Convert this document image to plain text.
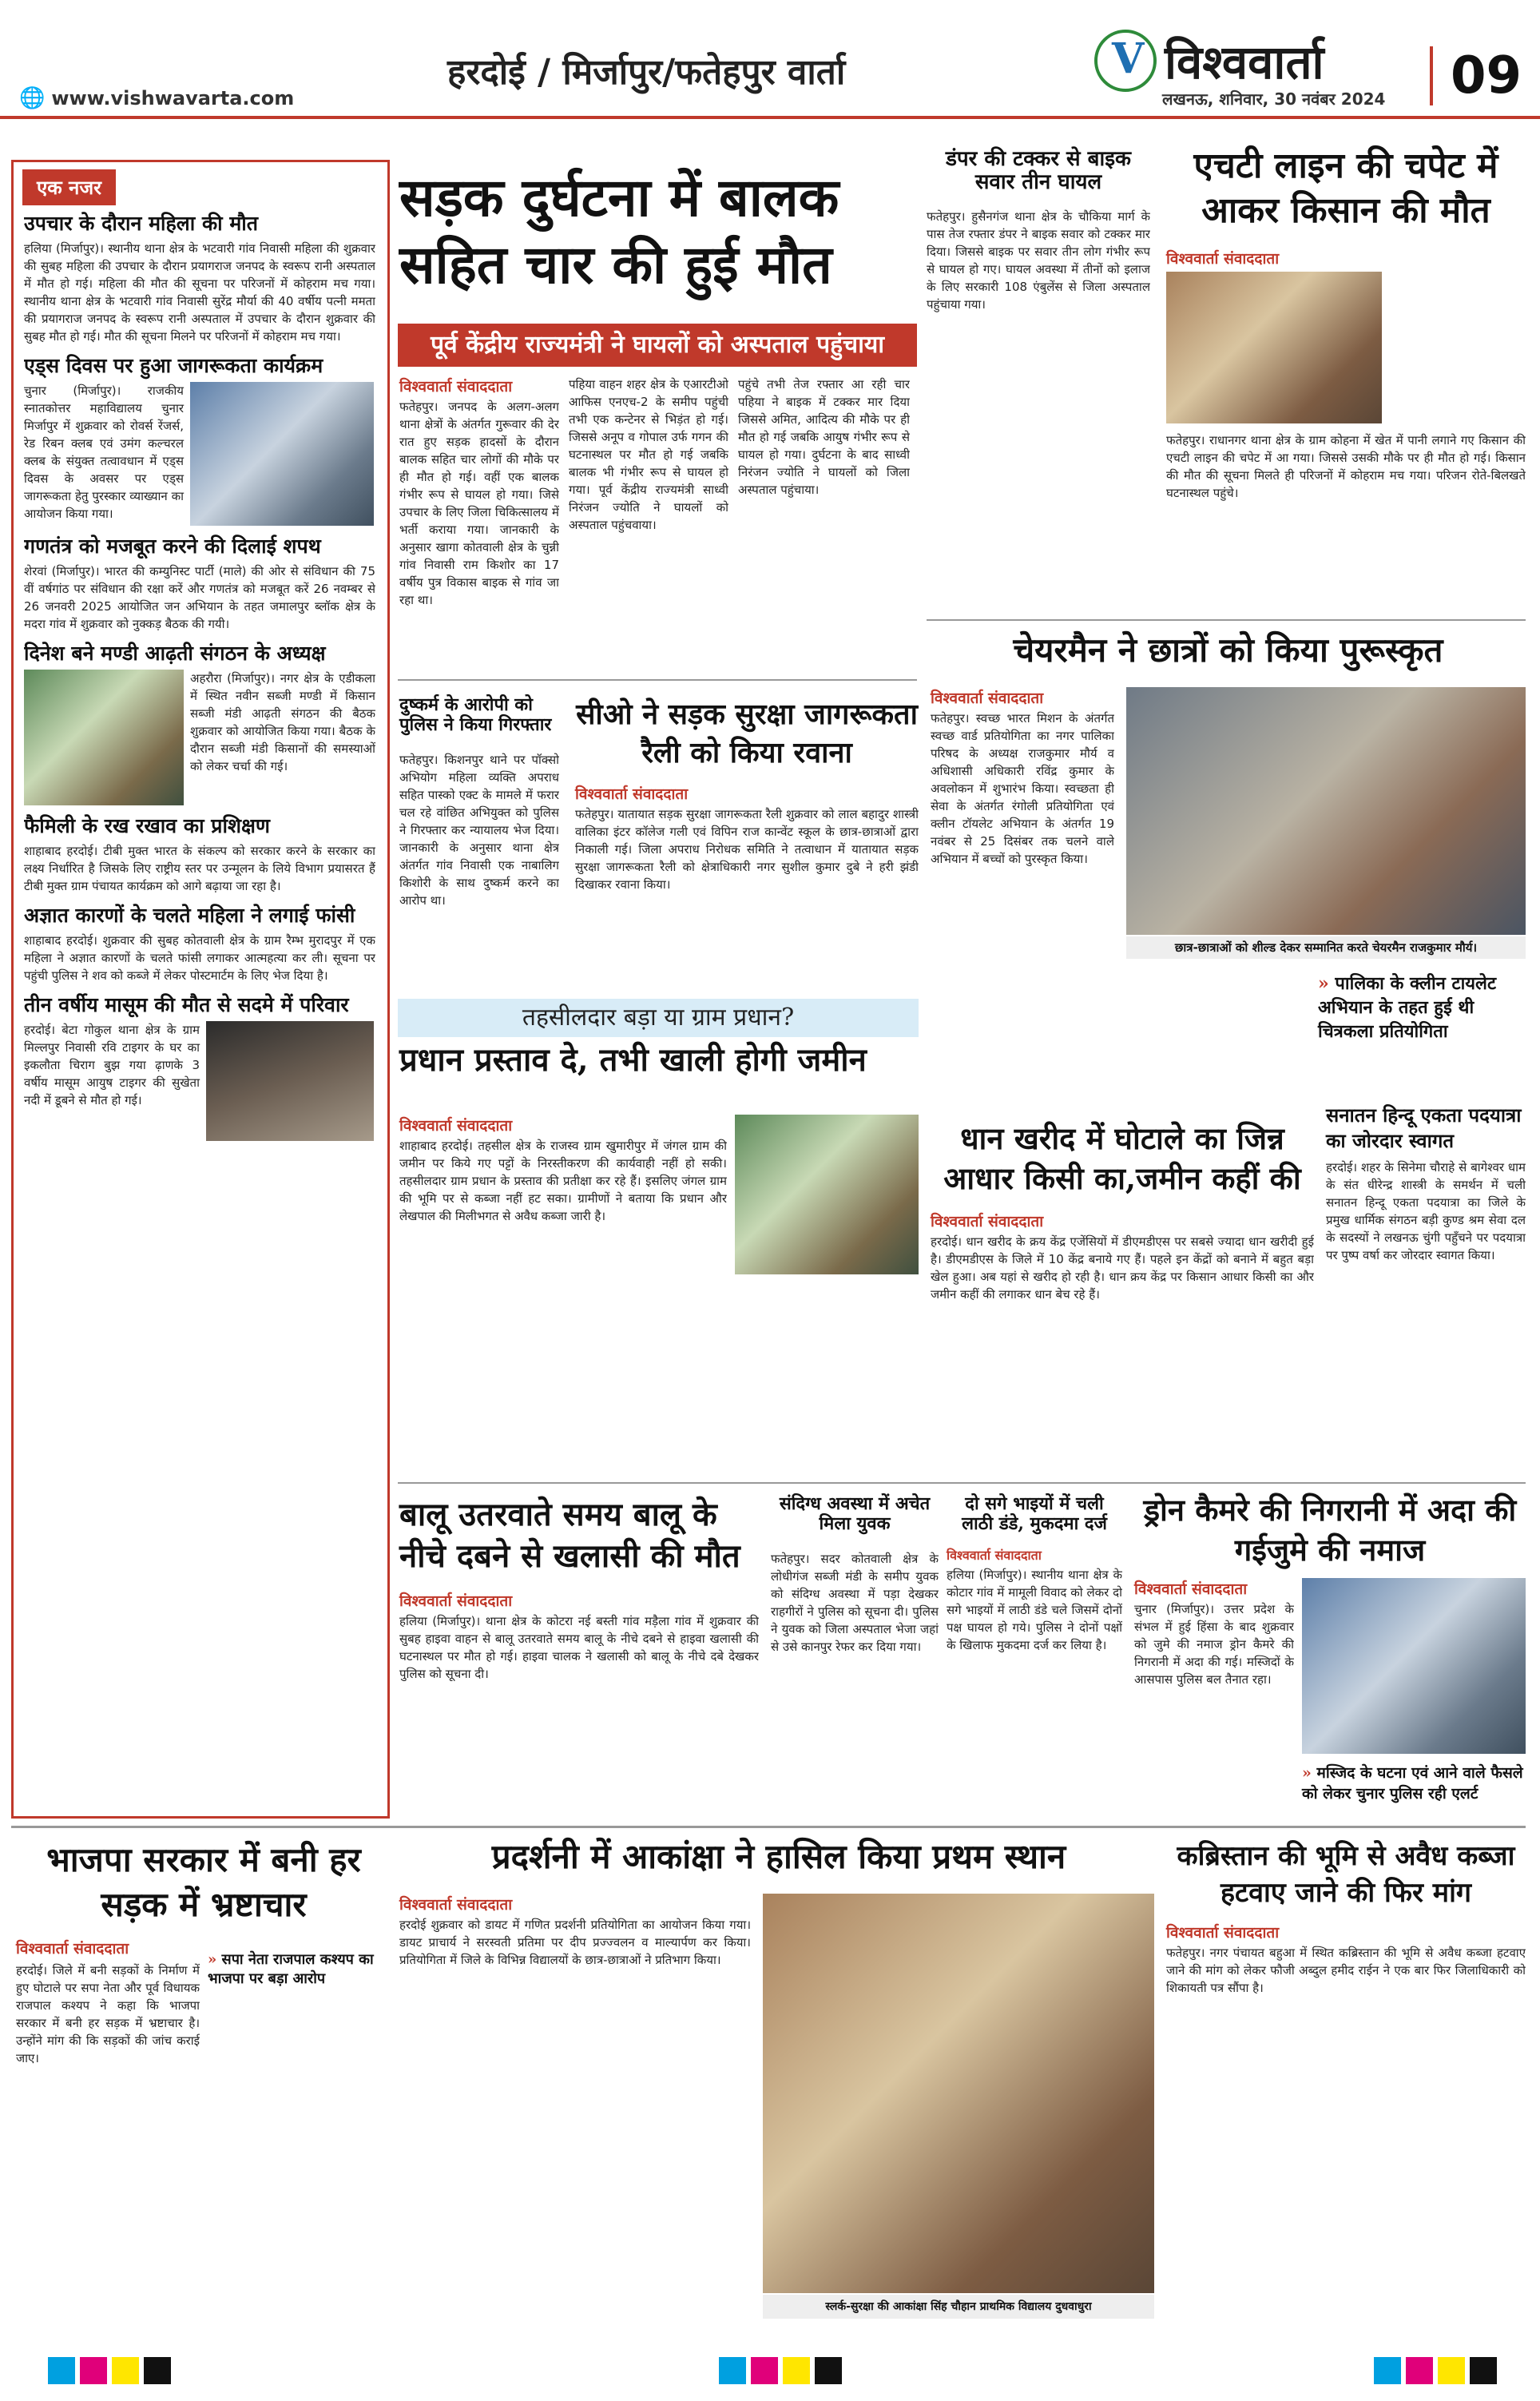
हरदोई / मिर्जापुर/फतेहपुर वार्ता
🌐 www.vishwavarta.com
V
विश्ववार्ता
लखनऊ, शनिवार, 30 नवंबर 2024	09
एक नजर
उपचार के दौरान महिला की मौत
हलिया (मिर्जापुर)। स्थानीय थाना क्षेत्र के भटवारी गांव निवासी महिला की शुक्रवार की सुबह महिला की उपचार के दौरान प्रयागराज जनपद के स्वरूप रानी अस्पताल में मौत हो गई। महिला की मौत की सूचना पर परिजनों में कोहराम मच गया। स्थानीय थाना क्षेत्र के भटवारी गांव निवासी सुरेंद्र मौर्या की 40 वर्षीय पत्नी ममता की प्रयागराज जनपद के स्वरूप रानी अस्पताल में उपचार के दौरान शुक्रवार की सुबह मौत हो गई। मौत की सूचना मिलने पर परिजनों में कोहराम मच गया।
एड्स दिवस पर हुआ जागरूकता कार्यक्रम
चुनार (मिर्जापुर)। राजकीय स्नातकोत्तर महाविद्यालय चुनार मिर्जापुर में शुक्रवार को रोवर्स रेंजर्स, रेड रिबन क्लब एवं उमंग कल्चरल क्लब के संयुक्त तत्वावधान में एड्स दिवस के अवसर पर एड्स जागरूकता हेतु पुरस्कार व्याख्यान का आयोजन किया गया।
गणतंत्र को मजबूत करने की दिलाई शपथ
शेरवां (मिर्जापुर)। भारत की कम्युनिस्ट पार्टी (माले) की ओर से संविधान की 75 वीं वर्षगांठ पर संविधान की रक्षा करें और गणतंत्र को मजबूत करें 26 नवम्बर से 26 जनवरी 2025 आयोजित जन अभियान के तहत जमालपुर ब्लॉक क्षेत्र के मदरा गांव में शुक्रवार को नुक्कड़ बैठक की गयी।
दिनेश बने मण्डी आढ़ती संगठन के अध्यक्ष
अहरौरा (मिर्जापुर)। नगर क्षेत्र के एडीकला में स्थित नवीन सब्जी मण्डी में किसान सब्जी मंडी आढ़ती संगठन की बैठक शुक्रवार को आयोजित किया गया। बैठक के दौरान सब्जी मंडी किसानों की समस्याओं को लेकर चर्चा की गई।
फैमिली के रख रखाव का प्रशिक्षण
शाहाबाद हरदोई। टीबी मुक्त भारत के संकल्प को सरकार करने के सरकार का लक्ष्य निर्धारित है जिसके लिए राष्ट्रीय स्तर पर उन्मूलन के लिये विभाग प्रयासरत हैं टीबी मुक्त ग्राम पंचायत कार्यक्रम को आगे बढ़ाया जा रहा है।
अज्ञात कारणों के चलते महिला ने लगाई फांसी
शाहाबाद हरदोई। शुक्रवार की सुबह कोतवाली क्षेत्र के ग्राम रैम्भ मुरादपुर में एक महिला ने अज्ञात कारणों के चलते फांसी लगाकर आत्महत्या कर ली। सूचना पर पहुंची पुलिस ने शव को कब्जे में लेकर पोस्टमार्टम के लिए भेज दिया है।
तीन वर्षीय मासूम की मौत से सदमे में परिवार
हरदोई। बेटा गोकुल थाना क्षेत्र के ग्राम मिल्लपुर निवासी रवि टाइगर के घर का इकलौता चिराग बुझ गया ढ़ाणके 3 वर्षीय मासूम आयुष टाइगर की सुखेता नदी में डूबने से मौत हो गई।
सड़क दुर्घटना में बालक सहित चार की हुई मौत
पूर्व केंद्रीय राज्यमंत्री ने घायलों को अस्पताल पहुंचाया
विश्ववार्ता संवाददाता
फतेहपुर। जनपद के अलग-अलग थाना क्षेत्रों के अंतर्गत गुरूवार की देर रात हुए सड़क हादसों के दौरान बालक सहित चार लोगों की मौके पर ही मौत हो गई। वहीं एक बालक गंभीर रूप से घायल हो गया। जिसे उपचार के लिए जिला चिकित्सालय में भर्ती कराया गया। जानकारी के अनुसार खागा कोतवाली क्षेत्र के चुन्नी गांव निवासी राम किशोर का 17 वर्षीय पुत्र विकास बाइक से गांव जा रहा था।
पहिया वाहन शहर क्षेत्र के एआरटीओ आफिस एनएच-2 के समीप पहुंची तभी एक कन्टेनर से भिड़ंत हो गई। जिससे अनूप व गोपाल उर्फ गगन की घटनास्थल पर मौत हो गई जबकि बालक भी गंभीर रूप से घायल हो गया। पूर्व केंद्रीय राज्यमंत्री साध्वी निरंजन ज्योति ने घायलों को अस्पताल पहुंचवाया।
पहुंचे तभी तेज रफ्तार आ रही चार पहिया ने बाइक में टक्कर मार दिया जिससे अमित, आदित्य की मौके पर ही मौत हो गई जबकि आयुष गंभीर रूप से घायल हो गया। दुर्घटना के बाद साध्वी निरंजन ज्योति ने घायलों को जिला अस्पताल पहुंचाया।
डंपर की टक्कर से बाइक सवार तीन घायल
फतेहपुर। हुसैनगंज थाना क्षेत्र के चौकिया मार्ग के पास तेज रफ्तार डंपर ने बाइक सवार को टक्कर मार दिया। जिससे बाइक पर सवार तीन लोग गंभीर रूप से घायल हो गए। घायल अवस्था में तीनों को इलाज के लिए सरकारी 108 एंबुलेंस से जिला अस्पताल पहुंचाया गया।
एचटी लाइन की चपेट में आकर किसान की मौत
विश्ववार्ता संवाददाता
फतेहपुर। राधानगर थाना क्षेत्र के ग्राम कोहना में खेत में पानी लगाने गए किसान की एचटी लाइन की चपेट में आ गया। जिससे उसकी मौके पर ही मौत हो गई। किसान की मौत की सूचना मिलते ही परिजनों में कोहराम मच गया। परिजन रोते-बिलखते घटनास्थल पहुंचे।
दुष्कर्म के आरोपी को पुलिस ने किया गिरफ्तार
फतेहपुर। किशनपुर थाने पर पॉक्सो अभियोग महिला व्यक्ति अपराध सहित पास्को एक्ट के मामले में फरार चल रहे वांछित अभियुक्त को पुलिस ने गिरफ्तार कर न्यायालय भेज दिया। जानकारी के अनुसार थाना क्षेत्र अंतर्गत गांव निवासी एक नाबालिग किशोरी के साथ दुष्कर्म करने का आरोप था।
सीओ ने सड़क सुरक्षा जागरूकता रैली को किया रवाना
विश्ववार्ता संवाददाता
फतेहपुर। यातायात सड़क सुरक्षा जागरूकता रैली शुक्रवार को लाल बहादुर शास्त्री वालिका इंटर कॉलेज गली एवं विपिन राज कान्वेंट स्कूल के छात्र-छात्राओं द्वारा निकाली गई। जिला अपराध निरोधक समिति ने तत्वाधान में यातायात सड़क सुरक्षा जागरूकता रैली को क्षेत्राधिकारी नगर सुशील कुमार दुबे ने हरी झंडी दिखाकर रवाना किया।
चेयरमैन ने छात्रों को किया पुरूस्कृत
विश्ववार्ता संवाददाता
फतेहपुर। स्वच्छ भारत मिशन के अंतर्गत स्वच्छ वार्ड प्रतियोगिता का नगर पालिका परिषद के अध्यक्ष राजकुमार मौर्य व अधिशासी अधिकारी रविंद्र कुमार के अवलोकन में शुभारंभ किया। स्वच्छता ही सेवा के अंतर्गत रंगोली प्रतियोगिता एवं क्लीन टॉयलेट अभियान के अंतर्गत 19 नवंबर से 25 दिसंबर तक चलने वाले अभियान में बच्चों को पुरस्कृत किया।
छात्र-छात्राओं को शील्ड देकर सम्मानित करते चेयरमैन राजकुमार मौर्य।
» पालिका के क्लीन टायलेट अभियान के तहत हुई थी चित्रकला प्रतियोगिता
तहसीलदार बड़ा या ग्राम प्रधान?
प्रधान प्रस्ताव दे, तभी खाली होगी जमीन
विश्ववार्ता संवाददाता
शाहाबाद हरदोई। तहसील क्षेत्र के राजस्व ग्राम खुमारीपुर में जंगल ग्राम की जमीन पर किये गए पट्टों के निरस्तीकरण की कार्यवाही नहीं हो सकी। तहसीलदार ग्राम प्रधान के प्रस्ताव की प्रतीक्षा कर रहे हैं। इसलिए जंगल ग्राम की भूमि पर से कब्जा नहीं हट सका। ग्रामीणों ने बताया कि प्रधान और लेखपाल की मिलीभगत से अवैध कब्जा जारी है।
धान खरीद में घोटाले का जिन्न आधार किसी का,जमीन कहीं की
विश्ववार्ता संवाददाता
हरदोई। धान खरीद के क्रय केंद्र एजेंसियों में डीएमडीएस पर सबसे ज्यादा धान खरीदी हुई है। डीएमडीएस के जिले में 10 केंद्र बनाये गए हैं। पहले इन केंद्रों को बनाने में बहुत बड़ा खेल हुआ। अब यहां से खरीद हो रही है। धान क्रय केंद्र पर किसान आधार किसी का और जमीन कहीं की लगाकर धान बेच रहे हैं।
सनातन हिन्दू एकता पदयात्रा का जोरदार स्वागत
हरदोई। शहर के सिनेमा चौराहे से बागेश्वर धाम के संत धीरेन्द्र शास्त्री के समर्थन में चली सनातन हिन्दू एकता पदयात्रा का जिले के प्रमुख धार्मिक संगठन बड़ी कुण्ड श्रम सेवा दल के सदस्यों ने लखनऊ चुंगी पहुँचने पर पदयात्रा पर पुष्प वर्षा कर जोरदार स्वागत किया।
बालू उतरवाते समय बालू के नीचे दबने से खलासी की मौत
विश्ववार्ता संवाददाता
हलिया (मिर्जापुर)। थाना क्षेत्र के कोटरा नई बस्ती गांव मड़ैला गांव में शुक्रवार की सुबह हाइवा वाहन से बालू उतरवाते समय बालू के नीचे दबने से हाइवा खलासी की घटनास्थल पर मौत हो गई। हाइवा चालक ने खलासी को बालू के नीचे दबे देखकर पुलिस को सूचना दी।
संदिग्ध अवस्था में अचेत मिला युवक
फतेहपुर। सदर कोतवाली क्षेत्र के लोधीगंज सब्जी मंडी के समीप युवक को संदिग्ध अवस्था में पड़ा देखकर राहगीरों ने पुलिस को सूचना दी। पुलिस ने युवक को जिला अस्पताल भेजा जहां से उसे कानपुर रेफर कर दिया गया।
दो सगे भाइयों में चली लाठी डंडे, मुकदमा दर्ज
विश्ववार्ता संवाददाता
हलिया (मिर्जापुर)। स्थानीय थाना क्षेत्र के कोटार गांव में मामूली विवाद को लेकर दो सगे भाइयों में लाठी डंडे चले जिसमें दोनों पक्ष घायल हो गये। पुलिस ने दोनों पक्षों के खिलाफ मुकदमा दर्ज कर लिया है।
ड्रोन कैमरे की निगरानी में अदा की गईजुमे की नमाज
विश्ववार्ता संवाददाता
चुनार (मिर्जापुर)। उत्तर प्रदेश के संभल में हुई हिंसा के बाद शुक्रवार को जुमे की नमाज ड्रोन कैमरे की निगरानी में अदा की गई। मस्जिदों के आसपास पुलिस बल तैनात रहा।
» मस्जिद के घटना एवं आने वाले फैसले को लेकर चुनार पुलिस रही एलर्ट
भाजपा सरकार में बनी हर सड़क में भ्रष्टाचार
विश्ववार्ता संवाददाता
» सपा नेता राजपाल कश्यप का भाजपा पर बड़ा आरोप
हरदोई। जिले में बनी सड़कों के निर्माण में हुए घोटाले पर सपा नेता और पूर्व विधायक राजपाल कश्यप ने कहा कि भाजपा सरकार में बनी हर सड़क में भ्रष्टाचार है। उन्होंने मांग की कि सड़कों की जांच कराई जाए।
प्रदर्शनी में आकांक्षा ने हासिल किया प्रथम स्थान
विश्ववार्ता संवाददाता
हरदोई शुक्रवार को डायट में गणित प्रदर्शनी प्रतियोगिता का आयोजन किया गया। डायट प्राचार्य ने सरस्वती प्रतिमा पर दीप प्रज्ज्वलन व माल्यार्पण कर किया। प्रतियोगिता में जिले के विभिन्न विद्यालयों के छात्र-छात्राओं ने प्रतिभाग किया।
स्लर्क-सुरक्षा की आकांक्षा सिंह चौहान प्राथमिक विद्यालय दुधवाधुरा
कब्रिस्तान की भूमि से अवैध कब्जा हटवाए जाने की फिर मांग
विश्ववार्ता संवाददाता
फतेहपुर। नगर पंचायत बहुआ में स्थित कब्रिस्तान की भूमि से अवैध कब्जा हटवाए जाने की मांग को लेकर फौजी अब्दुल हमीद राईन ने एक बार फिर जिलाधिकारी को शिकायती पत्र सौंपा है।
